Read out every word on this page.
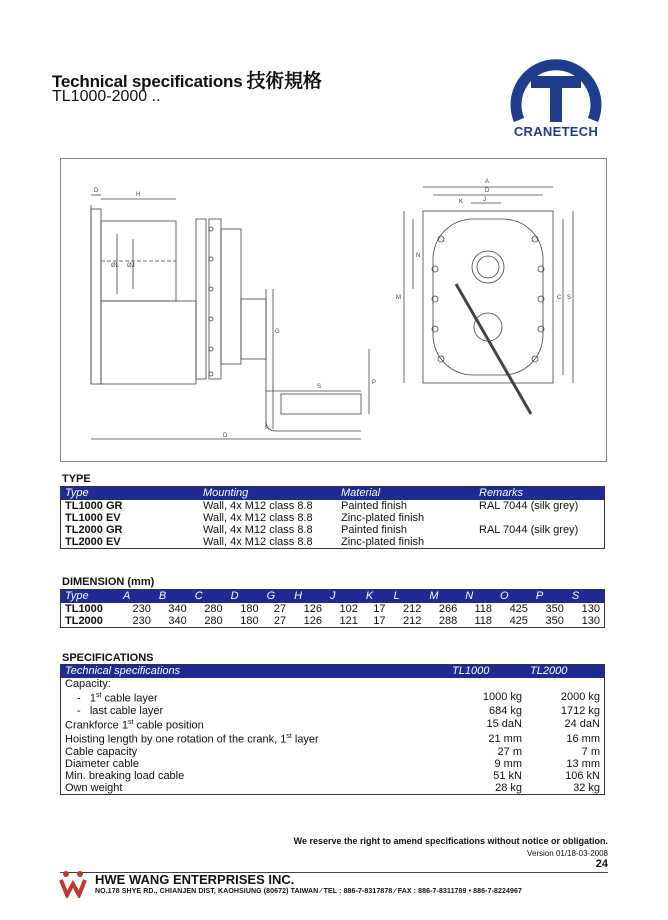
Technical specifications 技術規格
TL1000-2000 ..
CRANETECH
D
H
ØL ØJ
G
P
S
D
A
D
K	J
N
M	C S
TYPE
Type	Mounting	Material	Remarks
TL1000 GR	Wall, 4x M12 class 8.8	Painted finish	RAL 7044 (silk grey)
TL1000 EV	Wall, 4x M12 class 8.8	Zinc-plated finish	
TL2000 GR	Wall, 4x M12 class 8.8	Painted finish	RAL 7044 (silk grey)
TL2000 EV	Wall, 4x M12 class 8.8	Zinc-plated finish	
DIMENSION (mm)
Type	A	B	C	D	G	H	J	K	L	M	N	O	P	S
TL1000	230	340	280	180	27	126	102	17	212	266	118	425	350	130
TL2000	230	340	280	180	27	126	121	17	212	288	118	425	350	130
SPECIFICATIONS
Technical specifications	TL1000	TL2000
Capacity:		
- 1st cable layer	1000 kg	2000 kg
- last cable layer	684 kg	1712 kg
Crankforce 1st cable position	15 daN	24 daN
Hoisting length by one rotation of the crank, 1st layer	21 mm	16 mm
Cable capacity	27 m	7 m
Diameter cable	9 mm	13 mm
Min. breaking load cable	51 kN	106 kN
Own weight	28 kg	32 kg
We reserve the right to amend specifications without notice or obligation.
Version 01/18-03-2008
24
HWE WANG ENTERPRISES INC.
NO.178 SHYE RD., CHIANJEN DIST, KAOHSIUNG (80672) TAIWAN ⁄ TEL : 886-7-8317878 ⁄ FAX : 886-7-8311789 • 886-7-8224967
